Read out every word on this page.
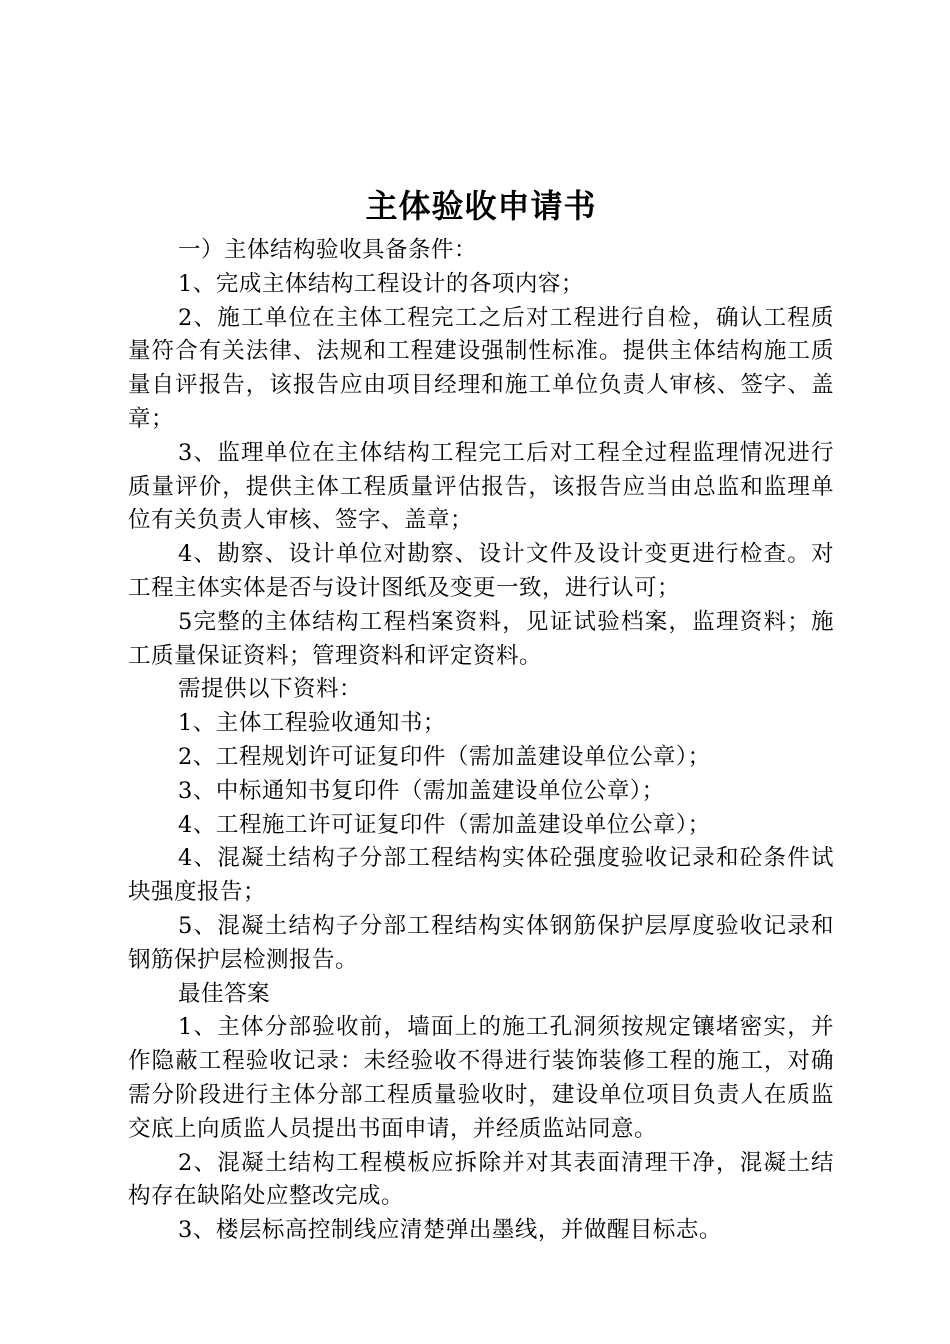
主体验收申请书

一）主体结构验收具备条件：

1、完成主体结构工程设计的各项内容；

2、施工单位在主体工程完工之后对工程进行自检，确认工程质量符合有关法律、法规和工程建设强制性标准。提供主体结构施工质量自评报告，该报告应由项目经理和施工单位负责人审核、签字、盖章；

3、监理单位在主体结构工程完工后对工程全过程监理情况进行质量评价，提供主体工程质量评估报告，该报告应当由总监和监理单位有关负责人审核、签字、盖章；

4、勘察、设计单位对勘察、设计文件及设计变更进行检查。对工程主体实体是否与设计图纸及变更一致，进行认可；

5完整的主体结构工程档案资料，见证试验档案，监理资料；施工质量保证资料；管理资料和评定资料。

需提供以下资料：

1、主体工程验收通知书；

2、工程规划许可证复印件（需加盖建设单位公章）；

3、中标通知书复印件（需加盖建设单位公章）；

4、工程施工许可证复印件（需加盖建设单位公章）；

4、混凝土结构子分部工程结构实体砼强度验收记录和砼条件试块强度报告；

5、混凝土结构子分部工程结构实体钢筋保护层厚度验收记录和钢筋保护层检测报告。

最佳答案

1、主体分部验收前，墙面上的施工孔洞须按规定镶堵密实，并作隐蔽工程验收记录：未经验收不得进行装饰装修工程的施工，对确需分阶段进行主体分部工程质量验收时，建设单位项目负责人在质监交底上向质监人员提出书面申请，并经质监站同意。

2、混凝土结构工程模板应拆除并对其表面清理干净，混凝土结构存在缺陷处应整改完成。

3、楼层标高控制线应清楚弹出墨线，并做醒目标志。
